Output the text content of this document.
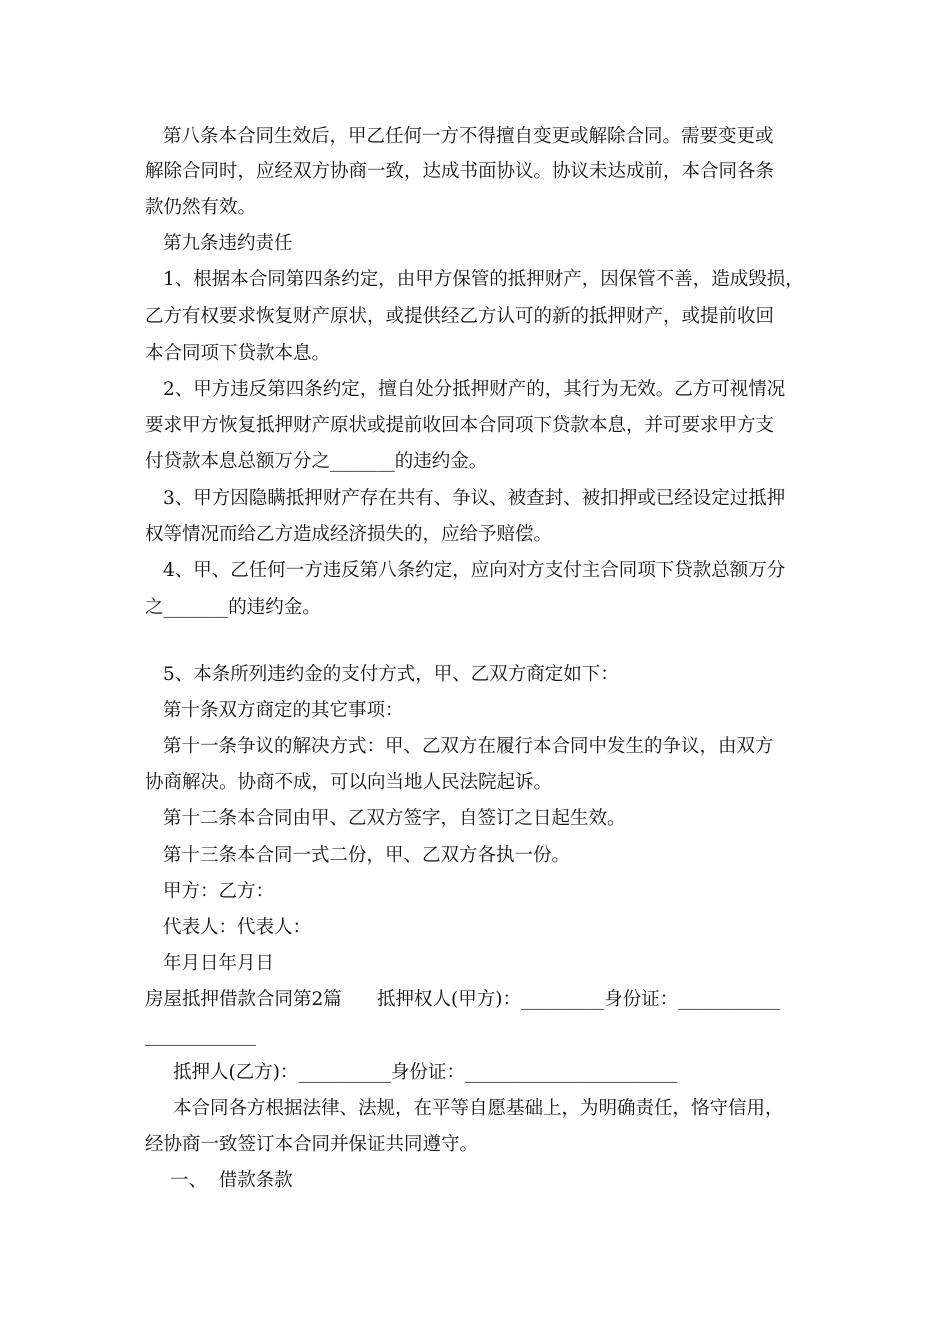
第八条本合同生效后，甲乙任何一方不得擅自变更或解除合同。需要变更或
解除合同时，应经双方协商一致，达成书面协议。协议未达成前，本合同各条
款仍然有效。
第九条违约责任
1、根据本合同第四条约定，由甲方保管的抵押财产，因保管不善，造成毁损，
乙方有权要求恢复财产原状，或提供经乙方认可的新的抵押财产，或提前收回
本合同项下贷款本息。
2、甲方违反第四条约定，擅自处分抵押财产的，其行为无效。乙方可视情况
要求甲方恢复抵押财产原状或提前收回本合同项下贷款本息，并可要求甲方支
付贷款本息总额万分之_______的违约金。
3、甲方因隐瞒抵押财产存在共有、争议、被查封、被扣押或已经设定过抵押
权等情况而给乙方造成经济损失的，应给予赔偿。
4、甲、乙任何一方违反第八条约定，应向对方支付主合同项下贷款总额万分
之_______的违约金。
5、本条所列违约金的支付方式，甲、乙双方商定如下：
第十条双方商定的其它事项：
第十一条争议的解决方式：甲、乙双方在履行本合同中发生的争议，由双方
协商解决。协商不成，可以向当地人民法院起诉。
第十二条本合同由甲、乙双方签字，自签订之日起生效。
第十三条本合同一式二份，甲、乙双方各执一份。
甲方：乙方：
代表人：代表人：
年月日年月日
房屋抵押借款合同第2篇      抵押权人(甲方)：_________身份证：___________
____________
抵押人(乙方)：__________身份证：_______________________
本合同各方根据法律、法规，在平等自愿基础上，为明确责任，恪守信用，
经协商一致签订本合同并保证共同遵守。
一、  借款条款
